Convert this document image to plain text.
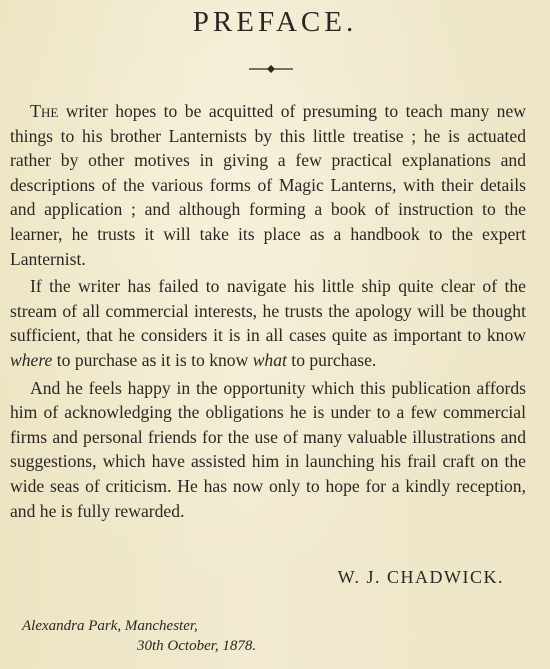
PREFACE.

The writer hopes to be acquitted of presuming to teach many new things to his brother Lanternists by this little treatise ; he is actuated rather by other motives in giving a few practical explanations and descriptions of the various forms of Magic Lanterns, with their details and application ; and although forming a book of instruction to the learner, he trusts it will take its place as a handbook to the expert Lanternist.

If the writer has failed to navigate his little ship quite clear of the stream of all commercial interests, he trusts the apology will be thought sufficient, that he considers it is in all cases quite as important to know where to purchase as it is to know what to purchase.

And he feels happy in the opportunity which this publication affords him of acknowledging the obligations he is under to a few commercial firms and personal friends for the use of many valuable illustrations and suggestions, which have assisted him in launching his frail craft on the wide seas of criticism. He has now only to hope for a kindly reception, and he is fully rewarded.

W. J. CHADWICK.
Alexandra Park, Manchester,
30th October, 1878.
